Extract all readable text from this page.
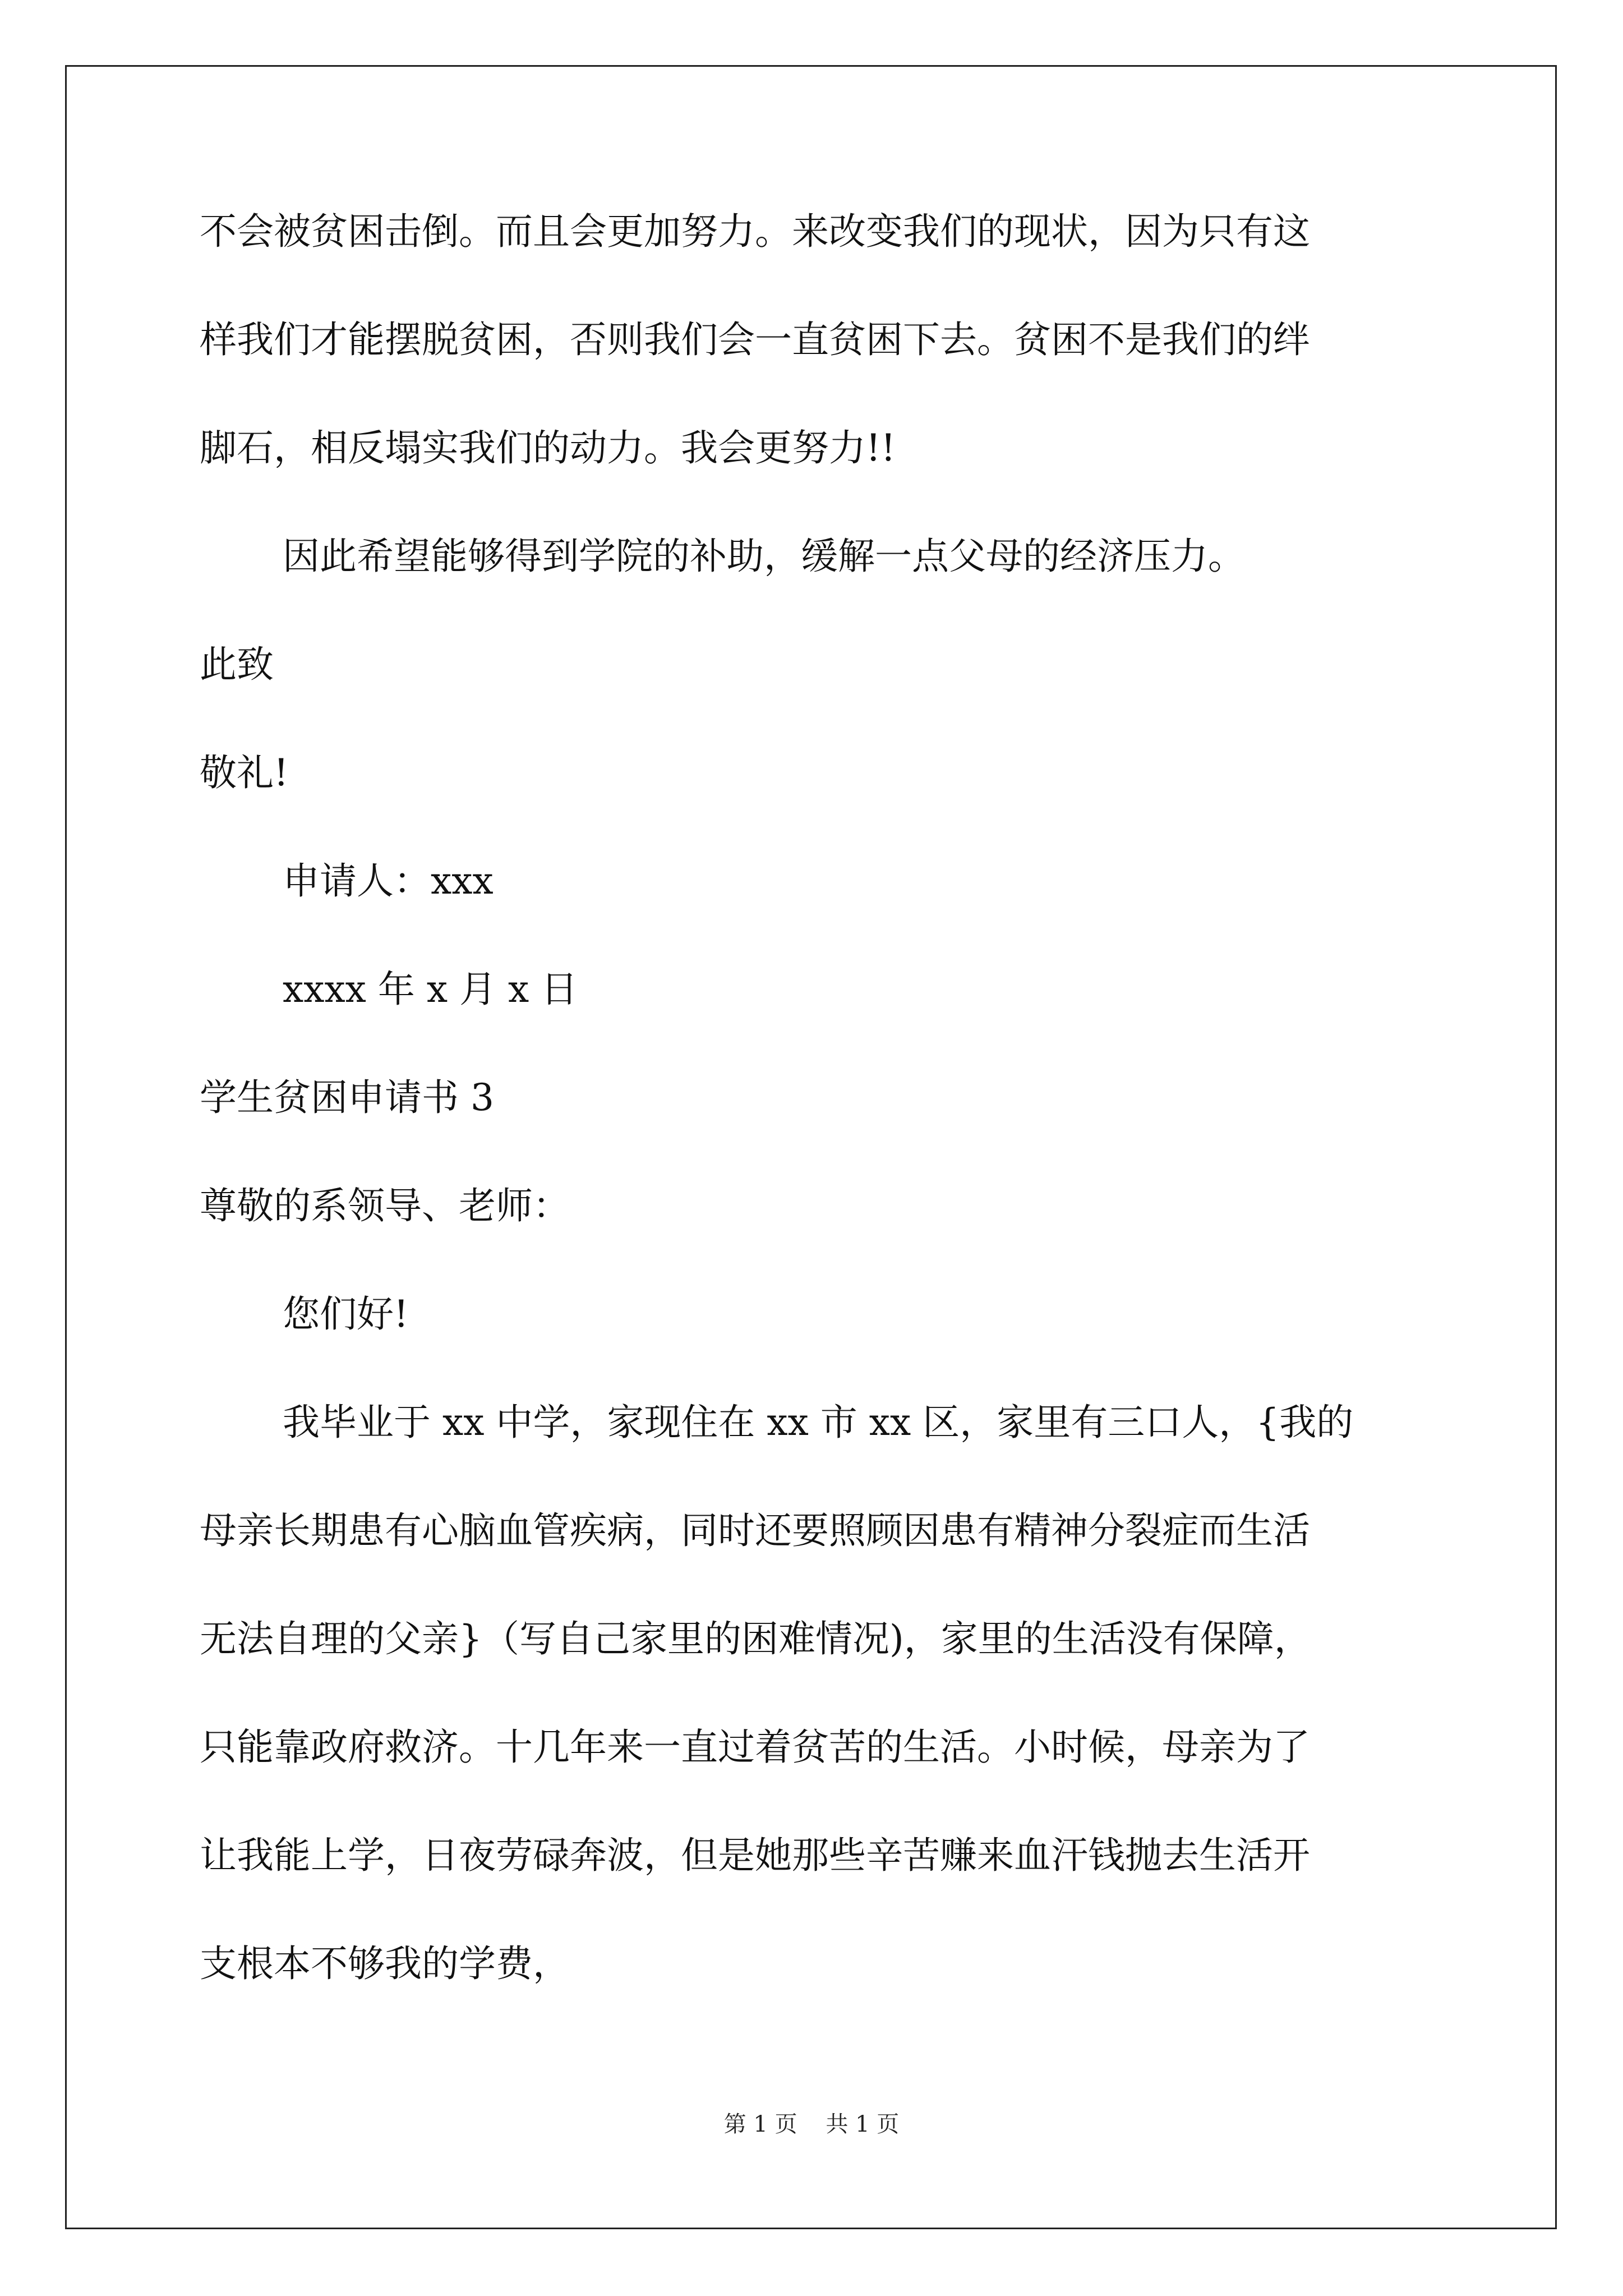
不会被贫困击倒。而且会更加努力。来改变我们的现状，因为只有这
样我们才能摆脱贫困，否则我们会一直贫困下去。贫困不是我们的绊
脚石，相反塌实我们的动力。我会更努力!!
因此希望能够得到学院的补助，缓解一点父母的经济压力。
此致
敬礼!
申请人：xxx
xxxx 年 x 月 x 日
学生贫困申请书 3
尊敬的系领导、老师：
您们好!
我毕业于 xx 中学，家现住在 xx 市 xx 区，家里有三口人，{我的
母亲长期患有心脑血管疾病，同时还要照顾因患有精神分裂症而生活
无法自理的父亲}（写自己家里的困难情况)，家里的生活没有保障，
只能靠政府救济。十几年来一直过着贫苦的生活。小时候，母亲为了
让我能上学，日夜劳碌奔波，但是她那些辛苦赚来血汗钱抛去生活开
支根本不够我的学费，
第 1 页    共 1 页
